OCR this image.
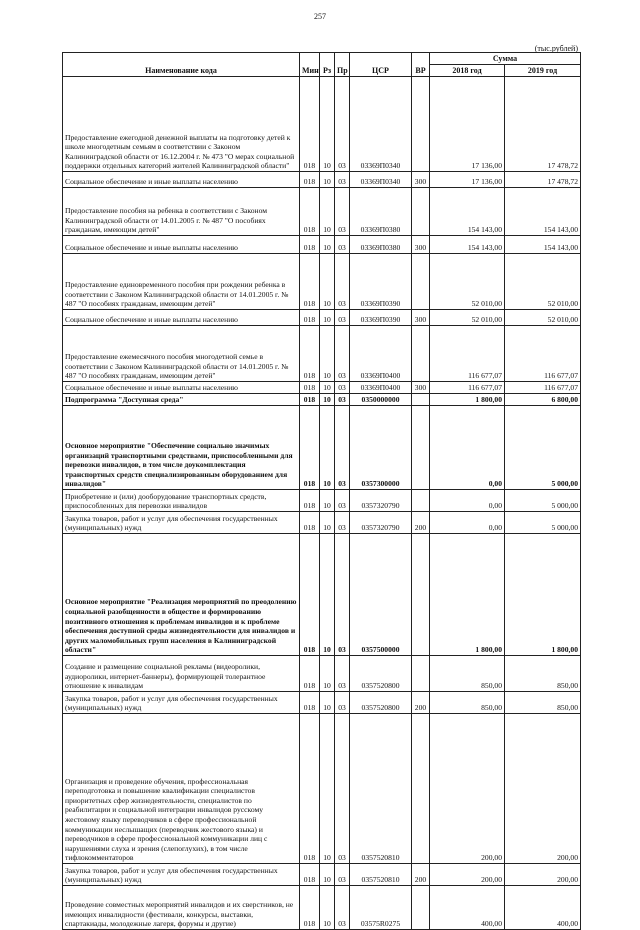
257
(тыс.рублей)
Наименование кода	Мин	Рз	Пр	ЦСР	ВР	Сумма	
						2018 год	2019 год
Предоставление ежегодной денежной выплаты на подготовку детей к школе многодетным семьям в соответствии с Законом Калининградской области от 16.12.2004 г. № 473 "О мерах социальной поддержки отдельных категорий жителей Калининградской области"	018	10	03	03369П0340		17 136,00	17 478,72
Социальное обеспечение и иные выплаты населению	018	10	03	03369П0340	300	17 136,00	17 478,72
Предоставление пособия на ребенка в соответствии с Законом Калининградской области от 14.01.2005 г. № 487 "О пособиях гражданам, имеющим детей"	018	10	03	03369П0380		154 143,00	154 143,00
Социальное обеспечение и иные выплаты населению	018	10	03	03369П0380	300	154 143,00	154 143,00
Предоставление единовременного пособия при рождении ребенка в соответствии с Законом Калининградской области от 14.01.2005 г. № 487 "О пособиях гражданам, имеющим детей"	018	10	03	03369П0390		52 010,00	52 010,00
Социальное обеспечение и иные выплаты населению	018	10	03	03369П0390	300	52 010,00	52 010,00
Предоставление ежемесячного пособия многодетной семье в соответствии с Законом Калининградской области от 14.01.2005 г. № 487 "О пособиях гражданам, имеющим детей"	018	10	03	03369П0400		116 677,07	116 677,07
Социальное обеспечение и иные выплаты населению	018	10	03	03369П0400	300	116 677,07	116 677,07
Подпрограмма "Доступная среда"	018	10	03	0350000000		1 800,00	6 800,00
Основное мероприятие "Обеспечение социально значимых организаций транспортными средствами, приспособленными для перевозки инвалидов, в том числе доукомплектация транспортных средств специализированным оборудованием для инвалидов"	018	10	03	0357300000		0,00	5 000,00
Приобретение и (или) дооборудование транспортных средств, приспособленных для перевозки инвалидов	018	10	03	0357320790		0,00	5 000,00
Закупка товаров, работ и услуг для обеспечения государственных (муниципальных) нужд	018	10	03	0357320790	200	0,00	5 000,00
Основное мероприятие "Реализация мероприятий по преодолению социальной разобщенности в обществе и формированию позитивного отношения к проблемам инвалидов и к проблеме обеспечения доступной среды жизнедеятельности для инвалидов и других маломобильных групп населения в Калининградской области"	018	10	03	0357500000		1 800,00	1 800,00
Создание и размещение социальной рекламы (видеоролики, аудиоролики, интернет-баннеры), формирующей толерантное отношение к инвалидам	018	10	03	0357520800		850,00	850,00
Закупка товаров, работ и услуг для обеспечения государственных (муниципальных) нужд	018	10	03	0357520800	200	850,00	850,00
Организация и проведение обучения, профессиональная переподготовка и повышение квалификации специалистов приоритетных сфер жизнедеятельности, специалистов по реабилитации и социальной интеграции инвалидов русскому жестовому языку переводчиков в сфере профессиональной коммуникации неслышащих (переводчик жестового языка) и переводчиков в сфере профессиональной коммуникации лиц с нарушениями слуха и зрения (слепоглухих), в том числе тифлокомментаторов	018	10	03	0357520810		200,00	200,00
Закупка товаров, работ и услуг для обеспечения государственных (муниципальных) нужд	018	10	03	0357520810	200	200,00	200,00
Проведение совместных мероприятий инвалидов и их сверстников, не имеющих инвалидности (фестивали, конкурсы, выставки, спартакиады, молодежные лагеря, форумы и другие)	018	10	03	03575R0275		400,00	400,00
